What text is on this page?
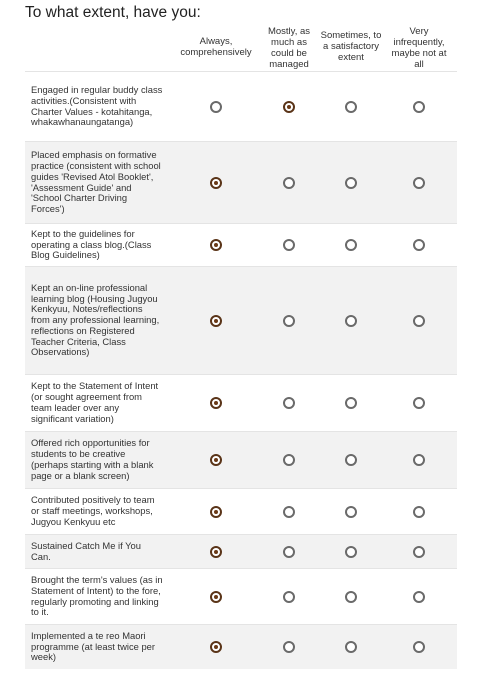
To what extent, have you:
Always, comprehensively
Mostly, as much as could be managed
Sometimes, to a satisfactory extent
Very infrequently, maybe not at all
Engaged in regular buddy class activities.(Consistent with Charter Values - kotahitanga, whakawhanaungatanga)
Placed emphasis on formative practice (consistent with school guides 'Revised Atol Booklet', 'Assessment Guide' and 'School Charter Driving Forces')
Kept to the guidelines for operating a class blog.(Class Blog Guidelines)
Kept an on-line professional learning blog (Housing Jugyou Kenkyuu, Notes/reflections from any professional learning, reflections on Registered Teacher Criteria, Class Observations)
Kept to the Statement of Intent (or sought agreement from team leader over any significant variation)
Offered rich opportunities for students to be creative (perhaps starting with a blank page or a blank screen)
Contributed positively to team or staff meetings, workshops, Jugyou Kenkyuu etc
Sustained Catch Me if You Can.
Brought the term's values (as in Statement of Intent) to the fore, regularly promoting and linking to it.
Implemented a te reo Maori programme (at least twice per week)
